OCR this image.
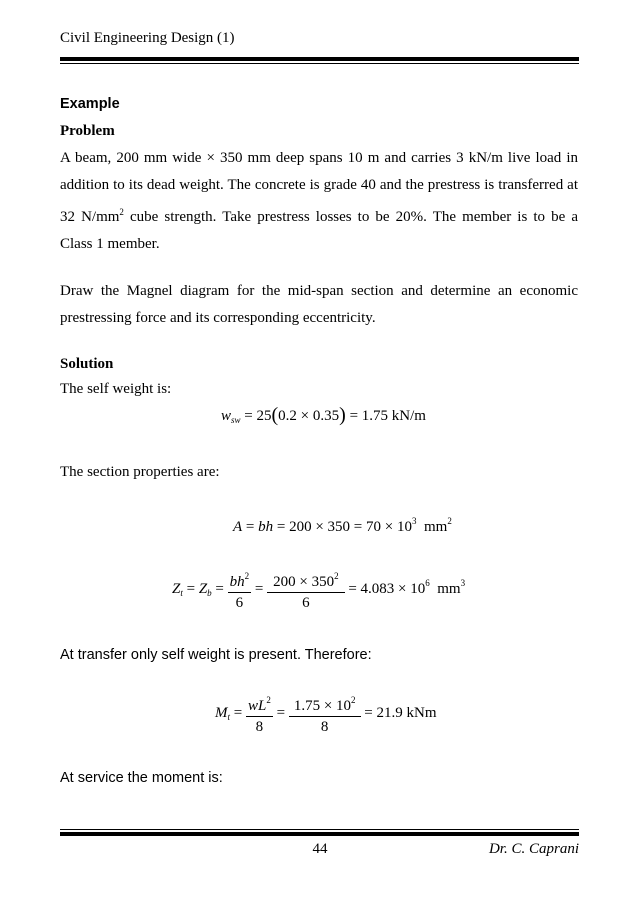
Civil Engineering Design (1)
Example
Problem
A beam, 200 mm wide × 350 mm deep spans 10 m and carries 3 kN/m live load in addition to its dead weight. The concrete is grade 40 and the prestress is transferred at 32 $N/mm^2$ cube strength. Take prestress losses to be 20%. The member is to be a Class 1 member.
Draw the Magnel diagram for the mid-span section and determine an economic prestressing force and its corresponding eccentricity.
Solution
The self weight is:
$w_{sw} = 25(0.2 \times 0.35) = 1.75$ kN/m
The section properties are:
A = bh = $200 \times 350 = 70 \times 10^3$ $mm^2$
$Z_t = Z_b = \frac{bh^2}{6} = \frac{200 \times 350^2}{6} = 4.083 \times 10^6$ $mm^3$
At transfer only self weight is present. Therefore:
$M_t = \frac{wL^2}{8} = \frac{1.75 \times 10^2}{8} = 21.9$ kNm
At service the moment is:
44	Dr. C. Caprani
